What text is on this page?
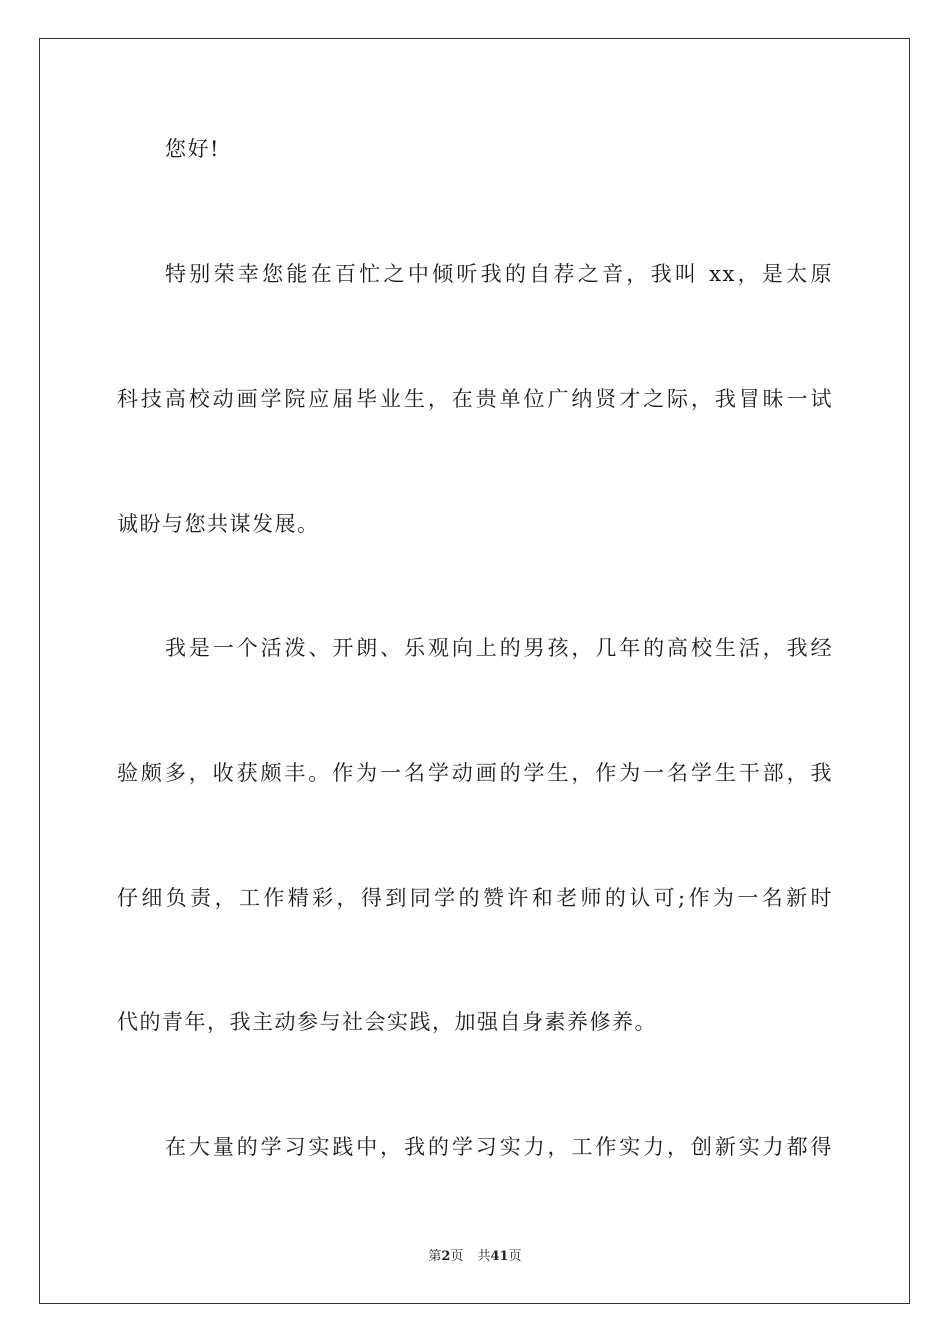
您好!
特别荣幸您能在百忙之中倾听我的自荐之音，我叫 xx，是太原
科技高校动画学院应届毕业生，在贵单位广纳贤才之际，我冒昧一试
诚盼与您共谋发展。
我是一个活泼、开朗、乐观向上的男孩，几年的高校生活，我经
验颇多，收获颇丰。作为一名学动画的学生，作为一名学生干部，我
仔细负责，工作精彩，得到同学的赞许和老师的认可;作为一名新时
代的青年，我主动参与社会实践，加强自身素养修养。
在大量的学习实践中，我的学习实力，工作实力，创新实力都得
第2页 共41页
